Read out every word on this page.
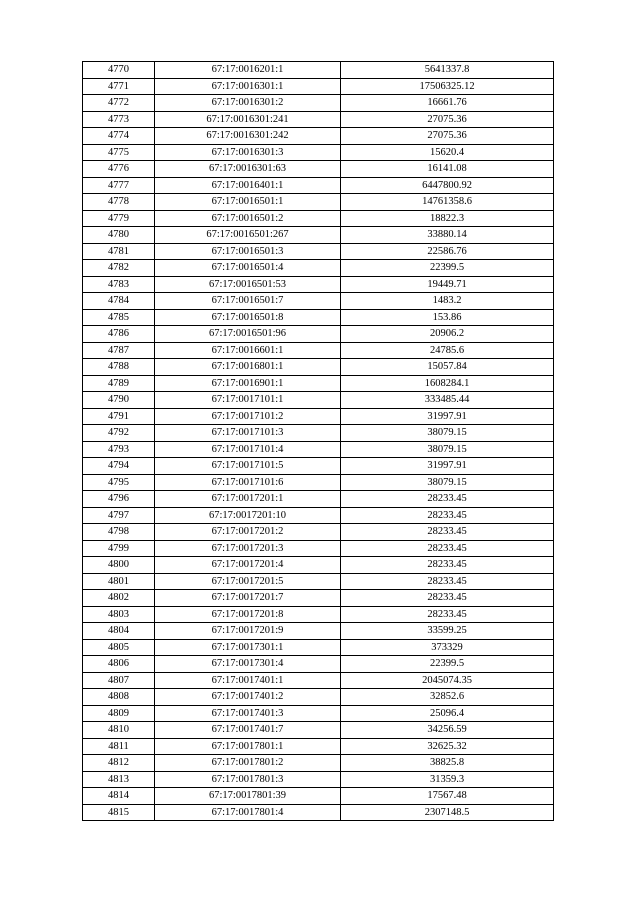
4770	67:17:0016201:1	5641337.8
4771	67:17:0016301:1	17506325.12
4772	67:17:0016301:2	16661.76
4773	67:17:0016301:241	27075.36
4774	67:17:0016301:242	27075.36
4775	67:17:0016301:3	15620.4
4776	67:17:0016301:63	16141.08
4777	67:17:0016401:1	6447800.92
4778	67:17:0016501:1	14761358.6
4779	67:17:0016501:2	18822.3
4780	67:17:0016501:267	33880.14
4781	67:17:0016501:3	22586.76
4782	67:17:0016501:4	22399.5
4783	67:17:0016501:53	19449.71
4784	67:17:0016501:7	1483.2
4785	67:17:0016501:8	153.86
4786	67:17:0016501:96	20906.2
4787	67:17:0016601:1	24785.6
4788	67:17:0016801:1	15057.84
4789	67:17:0016901:1	1608284.1
4790	67:17:0017101:1	333485.44
4791	67:17:0017101:2	31997.91
4792	67:17:0017101:3	38079.15
4793	67:17:0017101:4	38079.15
4794	67:17:0017101:5	31997.91
4795	67:17:0017101:6	38079.15
4796	67:17:0017201:1	28233.45
4797	67:17:0017201:10	28233.45
4798	67:17:0017201:2	28233.45
4799	67:17:0017201:3	28233.45
4800	67:17:0017201:4	28233.45
4801	67:17:0017201:5	28233.45
4802	67:17:0017201:7	28233.45
4803	67:17:0017201:8	28233.45
4804	67:17:0017201:9	33599.25
4805	67:17:0017301:1	373329
4806	67:17:0017301:4	22399.5
4807	67:17:0017401:1	2045074.35
4808	67:17:0017401:2	32852.6
4809	67:17:0017401:3	25096.4
4810	67:17:0017401:7	34256.59
4811	67:17:0017801:1	32625.32
4812	67:17:0017801:2	38825.8
4813	67:17:0017801:3	31359.3
4814	67:17:0017801:39	17567.48
4815	67:17:0017801:4	2307148.5
